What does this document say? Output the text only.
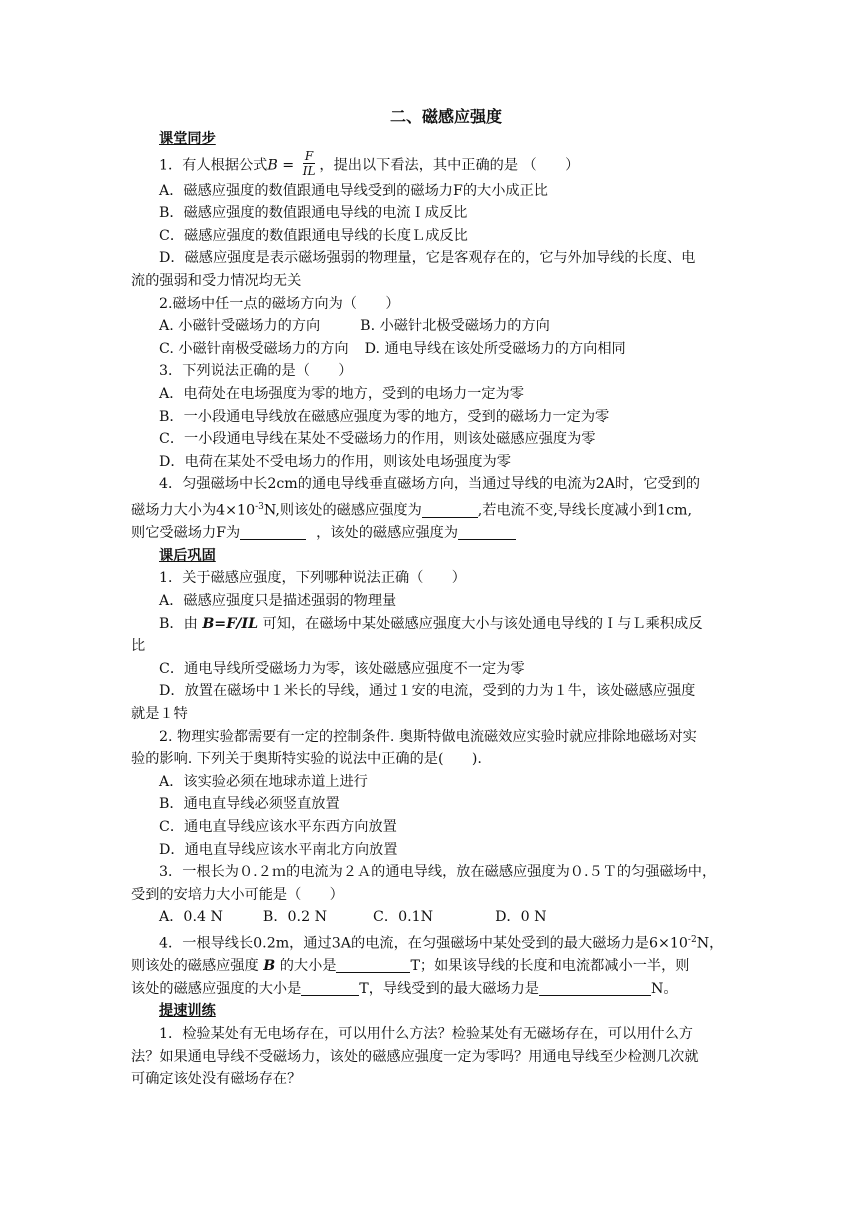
二、磁感应强度
课堂同步
1．有人根据公式$B = \frac{F}{IL}$ ，提出以下看法，其中正确的是 （　　）
A．磁感应强度的数值跟通电导线受到的磁场力F的大小成正比
B．磁感应强度的数值跟通电导线的电流Ｉ成反比
C．磁感应强度的数值跟通电导线的长度Ｌ成反比
D．磁感应强度是表示磁场强弱的物理量，它是客观存在的，它与外加导线的长度、电
流的强弱和受力情况均无关
2.磁场中任一点的磁场方向为（　　）
A. 小磁针受磁场力的方向	B. 小磁针北极受磁场力的方向
C. 小磁针南极受磁场力的方向 D. 通电导线在该处所受磁场力的方向相同
3．下列说法正确的是（　　）
A．电荷处在电场强度为零的地方，受到的电场力一定为零
B．一小段通电导线放在磁感应强度为零的地方，受到的磁场力一定为零
C．一小段通电导线在某处不受磁场力的作用，则该处磁感应强度为零
D．电荷在某处不受电场力的作用，则该处电场强度为零
4．匀强磁场中长2cm的通电导线垂直磁场方向，当通过导线的电流为2A时，它受到的
磁场力大小为$4\times 10^{-3}N$,则该处的磁感应强度为	,若电流不变,导线长度减小到1cm,
则它受磁场力F为	，该处的磁感应强度为
课后巩固
1．关于磁感应强度，下列哪种说法正确（　　）
A．磁感应强度只是描述强弱的物理量
B．由 B=F/IL 可知，在磁场中某处磁感应强度大小与该处通电导线的Ｉ与Ｌ乘积成反
比
C．通电导线所受磁场力为零，该处磁感应强度不一定为零
D．放置在磁场中１米长的导线，通过１安的电流，受到的力为１牛，该处磁感应强度
就是１特
2. 物理实验都需要有一定的控制条件. 奥斯特做电流磁效应实验时就应排除地磁场对实
验的影响. 下列关于奥斯特实验的说法中正确的是(　　).
A．该实验必须在地球赤道上进行
B．通电直导线必须竖直放置
C．通电直导线应该水平东西方向放置
D．通电直导线应该水平南北方向放置
3．一根长为０.２ｍ的电流为２Ａ的通电导线，放在磁感应强度为０.５Ｔ的匀强磁场中，
受到的安培力大小可能是（　　）
A．0.4 N	B．0.2 N	C．0.1N	D．0 N
4．一根导线长0.2m，通过3A的电流，在匀强磁场中某处受到的最大磁场力是$6\times 10^{-2}N$，
则该处的磁感应强度 B 的大小是	T；如果该导线的长度和电流都减小一半，则
该处的磁感应强度的大小是	T，导线受到的最大磁场力是	N。
提速训练
1．检验某处有无电场存在，可以用什么方法？检验某处有无磁场存在，可以用什么方
法？如果通电导线不受磁场力，该处的磁感应强度一定为零吗？用通电导线至少检测几次就
可确定该处没有磁场存在？
